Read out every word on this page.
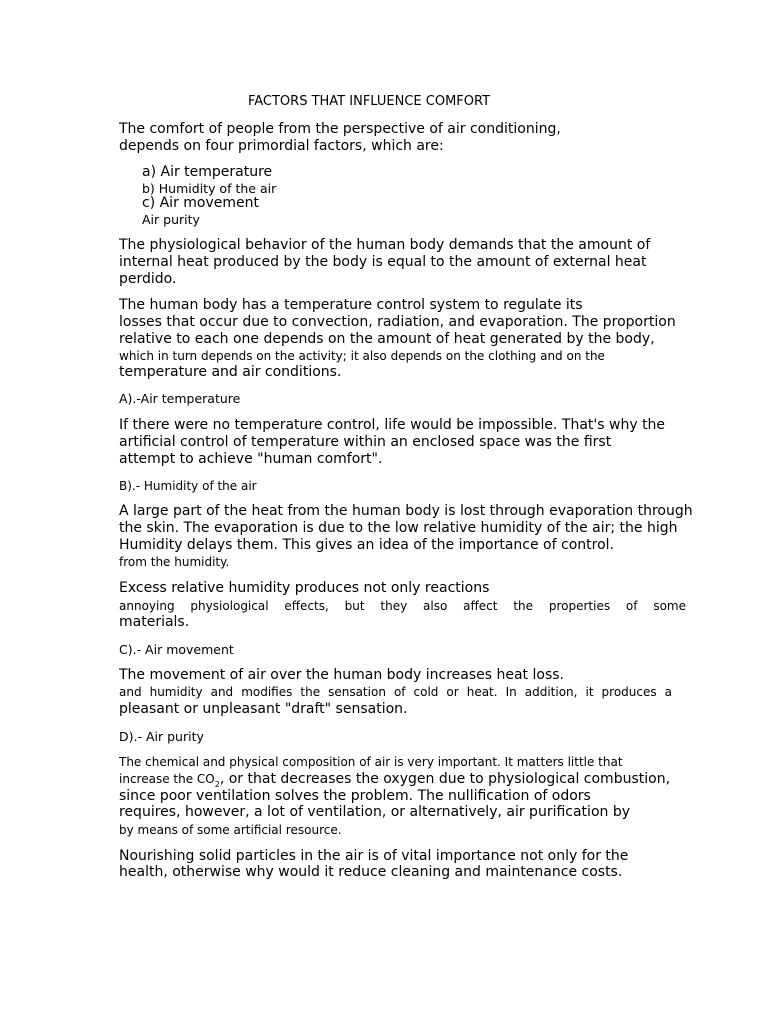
FACTORS THAT INFLUENCE COMFORT
The comfort of people from the perspective of air conditioning,
depends on four primordial factors, which are:
a) Air temperature
b) Humidity of the air
c) Air movement
Air purity
The physiological behavior of the human body demands that the amount of
internal heat produced by the body is equal to the amount of external heat
perdido.
The human body has a temperature control system to regulate its
losses that occur due to convection, radiation, and evaporation. The proportion
relative to each one depends on the amount of heat generated by the body,
which in turn depends on the activity; it also depends on the clothing and on the
temperature and air conditions.
A).-Air temperature
If there were no temperature control, life would be impossible. That's why the
artificial control of temperature within an enclosed space was the first
attempt to achieve "human comfort".
B).- Humidity of the air
A large part of the heat from the human body is lost through evaporation through
the skin. The evaporation is due to the low relative humidity of the air; the high
Humidity delays them. This gives an idea of the importance of control.
from the humidity.
Excess relative humidity produces not only reactions
annoying physiological effects, but they also affect the properties of some
materials.
C).- Air movement
The movement of air over the human body increases heat loss.
and humidity and modifies the sensation of cold or heat. In addition, it produces a
pleasant or unpleasant "draft" sensation.
D).- Air purity
The chemical and physical composition of air is very important. It matters little that
increase the $CO_2$, or that decreases the oxygen due to physiological combustion,
since poor ventilation solves the problem. The nullification of odors
requires, however, a lot of ventilation, or alternatively, air purification by
by means of some artificial resource.
Nourishing solid particles in the air is of vital importance not only for the
health, otherwise why would it reduce cleaning and maintenance costs.
